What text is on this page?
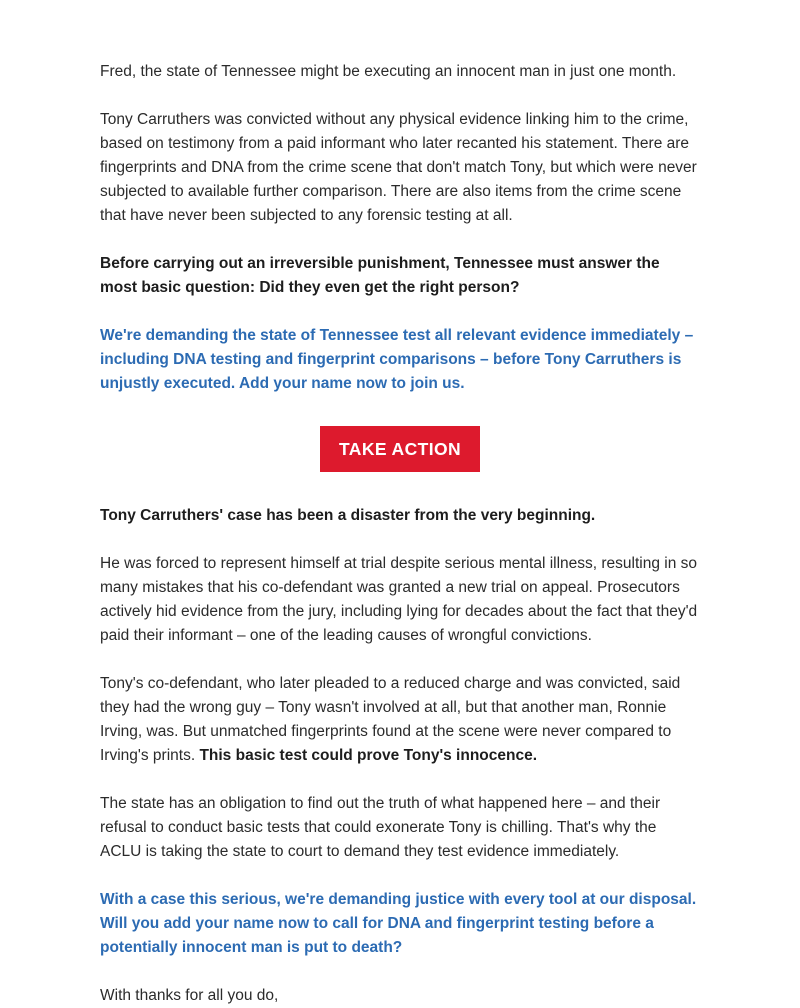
Fred, the state of Tennessee might be executing an innocent man in just one month.

Tony Carruthers was convicted without any physical evidence linking him to the crime, based on testimony from a paid informant who later recanted his statement. There are fingerprints and DNA from the crime scene that don't match Tony, but which were never subjected to available further comparison. There are also items from the crime scene that have never been subjected to any forensic testing at all.

Before carrying out an irreversible punishment, Tennessee must answer the most basic question: Did they even get the right person?

We're demanding the state of Tennessee test all relevant evidence immediately – including DNA testing and fingerprint comparisons – before Tony Carruthers is unjustly executed. Add your name now to join us.

TAKE ACTION

Tony Carruthers' case has been a disaster from the very beginning.

He was forced to represent himself at trial despite serious mental illness, resulting in so many mistakes that his co-defendant was granted a new trial on appeal. Prosecutors actively hid evidence from the jury, including lying for decades about the fact that they'd paid their informant – one of the leading causes of wrongful convictions.

Tony's co-defendant, who later pleaded to a reduced charge and was convicted, said they had the wrong guy – Tony wasn't involved at all, but that another man, Ronnie Irving, was. But unmatched fingerprints found at the scene were never compared to Irving's prints. This basic test could prove Tony's innocence.

The state has an obligation to find out the truth of what happened here – and their refusal to conduct basic tests that could exonerate Tony is chilling. That's why the ACLU is taking the state to court to demand they test evidence immediately.

With a case this serious, we're demanding justice with every tool at our disposal. Will you add your name now to call for DNA and fingerprint testing before a potentially innocent man is put to death?

With thanks for all you do,
